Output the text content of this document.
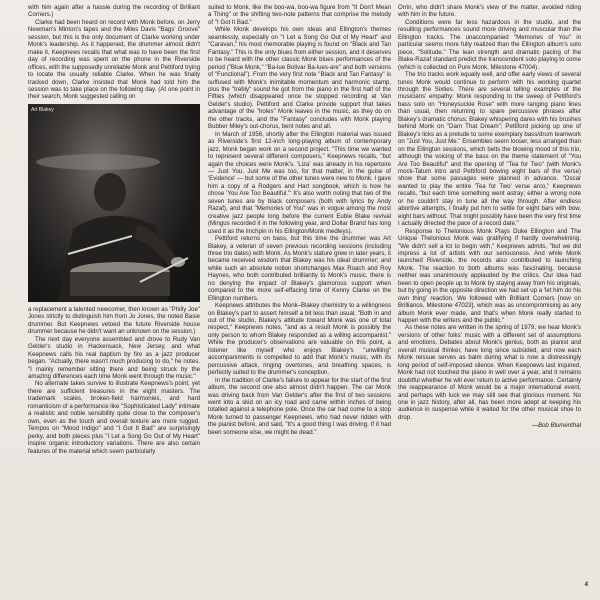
with him again after a hassle during the recording of Brilliant Corners.)

Clarke had been heard on record with Monk before, on Jerry Newman's Minton's tapes and the Miles Davis "Bags' Groove" session, but this is the only document of Clarke working under Monk's leadership. As it happened, the drummer almost didn't make it, Keepnews recalls that what was to have been the first day of recording was spent on the phone in the Riverside offices, with the supposedly unreliable Monk and Pettiford trying to locate the usually reliable Clarke. When he was finally tracked down, Clarke insisted that Monk had told him the session was to take place on the following day. (At one point in their search, Monk suggested calling on

Art Blakey

a replacement a talented newcomer, then known as "Philly Joe" Jones strictly to distinguish him from Jo Jones, the noted Basie drummer. But Keepnews vetoed the future Riverside house drummer because he didn't want an unknown on the session.)

The next day everyone assembled and drove to Rudy Van Gelder's studio in Hackensack, New Jersey, and what Keepnews calls his real baptism by fire as a jazz producer began. "Actually, there wasn't much producing to do," he notes. "I mainly remember sitting there and being struck by the amazing differences each time Monk went through the music."

No alternate takes survive to illustrate Keepnews's point, yet there are sufficient treasures in the eight masters. The trademark scales, broken-field harmonies, and hard romanticism of a performance like "Sophisticated Lady" intimate a realistic and noble sensibility quite close to the composer's own, even as the touch and overall texture are more rugged. Tempos on "Mood Indigo" and "I Got It Bad" are surprisingly perky, and both pieces plus "I Let a Song Go Out of My Heart" inspire organic introductory variations. There are also certain features of the material which seem particularly

suited to Monk, like the boo-wa, boo-wa figure from "It Don't Mean a Thing" or the shifting two-note patterns that comprise the melody of "I Got It Bad."

While Monk develops his own ideas and Ellington's themes seamlessly, especially on "I Let a Song Go Out of My Heart" and "Caravan," his most memorable playing is found on "Black and Tan Fantasy." This is the only blues from either session, and it deserves to be heard with the other classic Monk blues performances of the period ("Blue Monk," "Ba-lue Bolivar Ba-lues-are" and both versions of "Functional"). From the very first note "Black and Tan Fantasy" is suffused with Monk's inimitable momentum and harmonic stamp, plus the "trebly" sound he got from the piano in the first half of the Fifties (which disappeared once he stopped recording at Van Gelder's studio). Pettiford and Clarke provide support that takes advantage of the "holes" Monk leaves in the music, as they do on the other tracks, and the "Fantasy" concludes with Monk playing Bubber Miley's out-chorus, bent notes and all.

In March of 1956, shortly after the Ellington material was issued as Riverside's first 12-inch long-playing album of contemporary jazz, Monk began work on a second project. "This time we wanted to represent several different composers," Keepnews recalls, "but again the choices were Monk's. 'Liza' was already in his repertoire — Just You, Just Me was too, for that matter, in the guise of 'Evidence' — but some of the other tunes were new to Monk. I gave him a copy of a Rodgers and Hart songbook, which is how he chose 'You Are Too Beautiful.'" It's also worth noting that two of the seven tunes are by black composers (both with lyrics by Andy Razaf), and that "Memories of You" was in vogue among the most creative jazz people long before the current Eubie Blake revival (Mingus recorded it in the following year, and Dollar Brand has long used it as the linchpin in his Ellington/Monk medleys).

Pettiford returns on bass, but this time the drummer was Art Blakey, a veteran of seven previous recording sessions (including three trio dates) with Monk. As Monk's stature grew in later years, it became received wisdom that Blakey was his ideal drummer; and while such an absolute notion shortchanges Max Roach and Roy Haynes, who both contributed brilliantly to Monk's music, there is no denying the impact of Blakey's glamorous support when compared to the more self-effacing time of Kenny Clarke on the Ellington numbers.

Keepnews attributes the Monk–Blakey chemistry to a willingness on Blakey's part to assert himself a bit less than usual. "Both in and out of the studio, Blakey's attitude toward Monk was one of total respect," Keepnews notes, "and as a result Monk is possibly the only person to whom Blakey responded as a willing accompanist." While the producer's observations are valuable on this point, a listener like myself who enjoys Blakey's "unwilling" accompaniments is compelled to add that Monk's music, with its percussive attack, ringing overtones, and breathing spaces, is perfectly suited to the drummer's conception.

In the tradition of Clarke's failure to appear for the start of the first album, the second one also almost didn't happen. The car Monk was driving back from Van Gelder's after the first of two sessions went into a skid on an icy road and came within inches of being totalled against a telephone pole. Once the car had come to a stop Monk turned to passenger Keepnews, who had never ridden with the pianist before, and said, "It's a good thing I was driving. If it had been someone else, we might be dead."

Orrin, who didn't share Monk's view of the matter, avoided riding with him in the future.

Conditions were far less hazardous in the studio, and the resulting performances sound more driving and muscular than the Ellington tracks. The unaccompanied "Memories of You" in particular seems more fully realized than the Ellington album's solo piece, "Solitude." The lean strength and dramatic pacing of the Blake-Razaf standard predict the transcendent solo playing to come (which is collected on Pure Monk, Milestone 47004).

The trio tracks work equally well, and offer early views of several tunes Monk would continue to perform with his working quartet through the Sixties. There are several telling examples of the musicians' empathy: Monk responding to the sweep of Pettiford's bass solo on "Honeysuckle Rose" with more ranging piano lines than usual, then returning to spare percussive phrases after Blakey's dramatic chorus; Blakey whispering dares with his brushes behind Monk on "Darn That Dream"; Pettiford picking up one of Blakey's licks as a prelude to some exemplary bass/drum teamwork on "Just You, Just Me." Ensembles seem looser, less arranged than on the Ellington sessions, which belts the blowing mood of this trio, although the voicing of the bass on the theme statement of "You Are Too Beautiful" and the opening of "Tea for Two" (with Monk's mock-Tatum intro and Pettiford bowing eight bars of the verse) show that some passages were planned in advance. "Oscar wanted to play the entire 'Tea for Two' verse arco," Keepnews recalls, "but each time something went astray; either a wrong note or he couldn't stay in tune all the way through. After endless abortive attempts, I finally put him to settle for eight bars with bow, eight bars without. That might possibly have been the very first time I actually directed the pace of a record date."

Response to Thelonious Monk Plays Duke Ellington and The Unique Thelonious Monk was gratifying if hardly overwhelming. "We didn't sell a lot to begin with," Keepnews admits, "but we did impress a lot of artists with our seriousness. And while Monk launched Riverside, the records also contributed to launching Monk. The reaction to both albums was fascinating, because neither was unanimously applauded by the critics. Our idea had been to open people up to Monk by staying away from his originals, but by going in the opposite direction we had set up a 'let him do his own thing' reaction. We followed with Brilliant Corners [now on Brilliance, Milestone 47023], which was as uncompromising as any album Monk ever made, and that's when Monk really started to happen with the writers and the public."

As these notes are written in the spring of 1979, we hear Monk's versions of other folks' music with a different set of assumptions and emotions. Debates about Monk's genius, both as pianist and overall musical thinker, have long since subsided, and now each Monk reissue serves as balm during what is now a distressingly long period of self-imposed silence. When Keepnews last inquired, Monk had not touched the piano in well over a year, and it remains doubtful whether he will ever return to active performance. Certainly the reappearance of Monk would be a major international event, and perhaps with luck we may still see that glorious moment. No one in jazz history, after all, has been more adept at keeping his audience in suspense while it waited for the other musical shoe to drop.

—Bob Blumenthal
4
